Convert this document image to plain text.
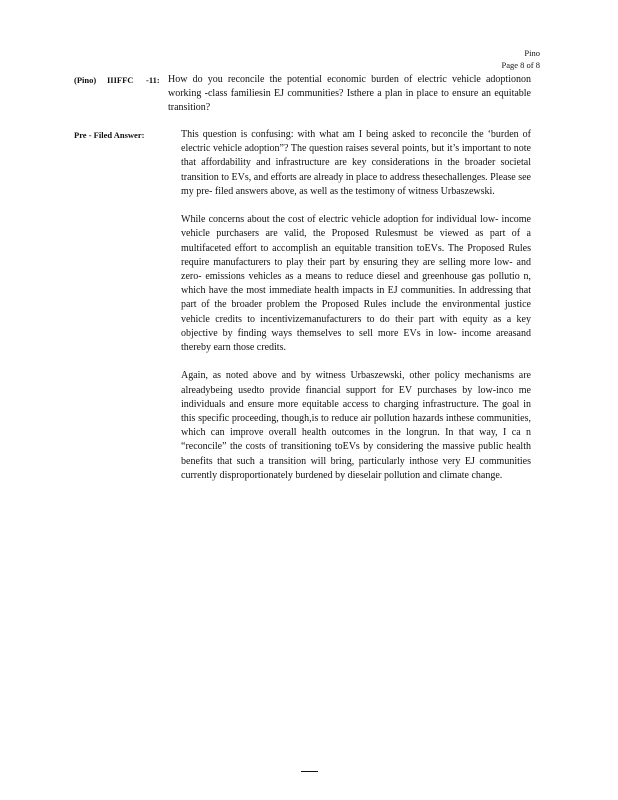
Pino
Page 8 of 8
(Pino) IIIFFC -11: How do you reconcile the potential economic burden of electric vehicle adoptionon working -class familiesin EJ communities? Isthere a plan in place to ensure an equitable transition?
Pre - Filed Answer:	This question is confusing: with what am I being asked to reconcile the ‘burden of electric vehicle adoption”? The question raises several points, but it’s important to note that affordability and infrastructure are key considerations in the broader societal transition to EVs, and efforts are already in place to address thesechallenges. Please see my pre- filed answers above, as well as the testimony of witness Urbaszewski.

While concerns about the cost of electric vehicle adoption for individual low- income vehicle purchasers are valid, the Proposed Rulesmust be viewed as part of a multifaceted effort to accomplish an equitable transition toEVs. The Proposed Rules require manufacturers to play their part by ensuring they are selling more low- and zero- emissions vehicles as a means to reduce diesel and greenhouse gas pollutio n, which have the most immediate health impacts in EJ communities. In addressing that part of the broader problem the Proposed Rules include the environmental justice vehicle credits to incentivizemanufacturers to do their part with equity as a key objective by finding ways themselves to sell more EVs in low- income areasand thereby earn those credits.

Again, as noted above and by witness Urbaszewski, other policy mechanisms are alreadybeing usedto provide financial support for EV purchases by low-inco me individuals and ensure more equitable access to charging infrastructure. The goal in this specific proceeding, though,is to reduce air pollution hazards inthese communities, which can improve overall health outcomes in the longrun. In that way, I ca n “reconcile” the costs of transitioning toEVs by considering the massive public health benefits that such a transition will bring, particularly inthose very EJ communities currently disproportionately burdened by dieselair pollution and climate change.
